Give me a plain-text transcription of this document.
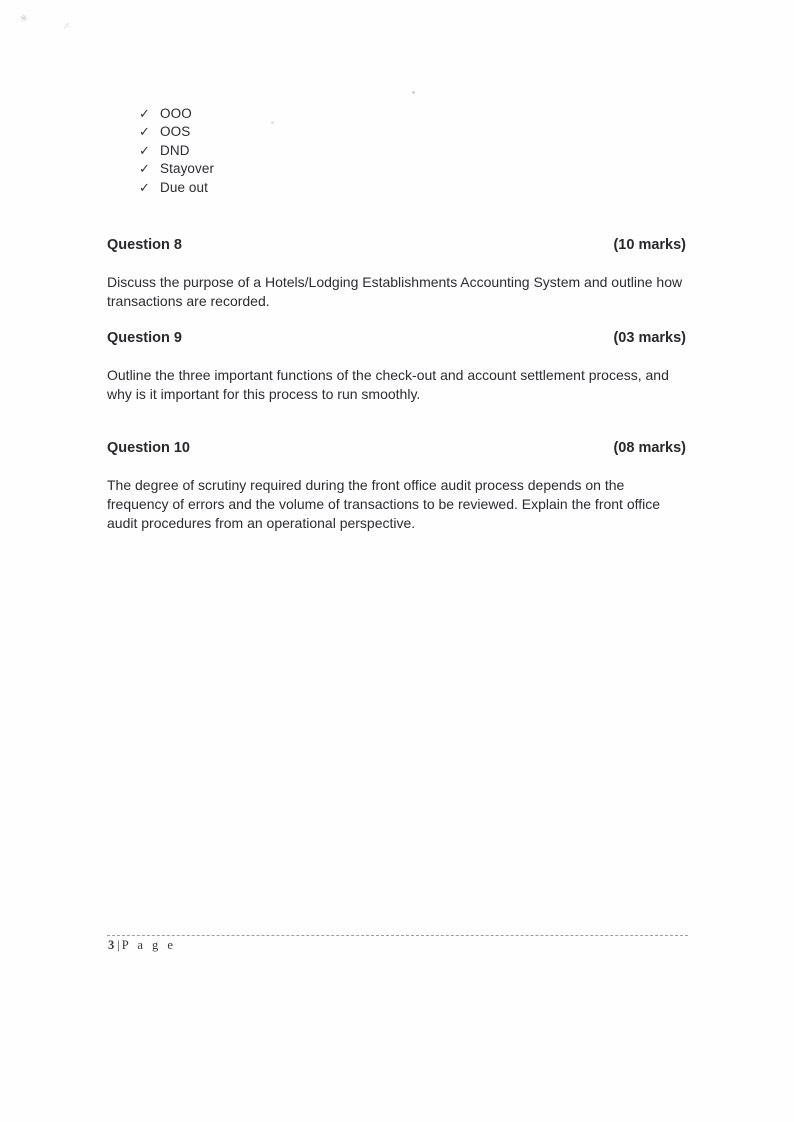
※
⁄·
✓ OOO
✓ OOS
✓ DND
✓ Stayover
✓ Due out
Question 8	(10 marks)
Discuss the purpose of a Hotels/Lodging Establishments Accounting System and outline how
transactions are recorded.
Question 9	(03 marks)
Outline the three important functions of the check-out and account settlement process, and
why is it important for this process to run smoothly.
Question 10	(08 marks)
The degree of scrutiny required during the front office audit process depends on the
frequency of errors and the volume of transactions to be reviewed. Explain the front office
audit procedures from an operational perspective.
3 | P a g e
